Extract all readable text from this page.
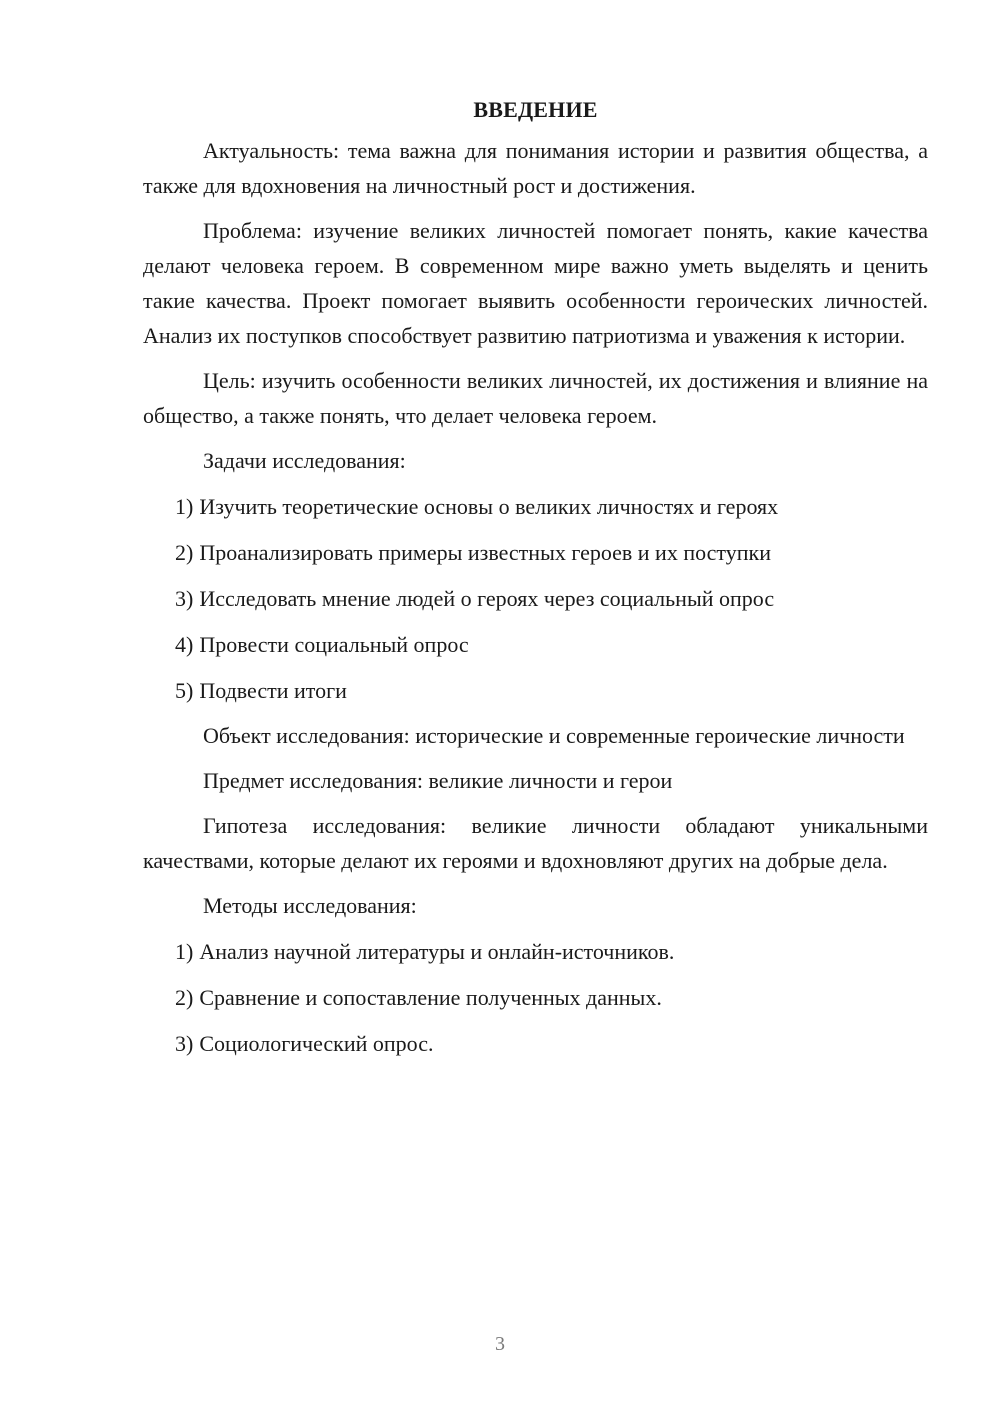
ВВЕДЕНИЕ

Актуальность: тема важна для понимания истории и развития общества, а также для вдохновения на личностный рост и достижения.

Проблема: изучение великих личностей помогает понять, какие качества делают человека героем. В современном мире важно уметь выделять и ценить такие качества. Проект помогает выявить особенности героических личностей. Анализ их поступков способствует развитию патриотизма и уважения к истории.

Цель: изучить особенности великих личностей, их достижения и влияние на общество, а также понять, что делает человека героем.

Задачи исследования:

1) Изучить теоретические основы о великих личностях и героях
2) Проанализировать примеры известных героев и их поступки
3) Исследовать мнение людей о героях через социальный опрос
4) Провести социальный опрос
5) Подвести итоги

Объект исследования: исторические и современные героические личности

Предмет исследования: великие личности и герои

Гипотеза исследования: великие личности обладают уникальными качествами, которые делают их героями и вдохновляют других на добрые дела.

Методы исследования:

1) Анализ научной литературы и онлайн-источников.
2) Сравнение и сопоставление полученных данных.
3) Социологический опрос.
3
